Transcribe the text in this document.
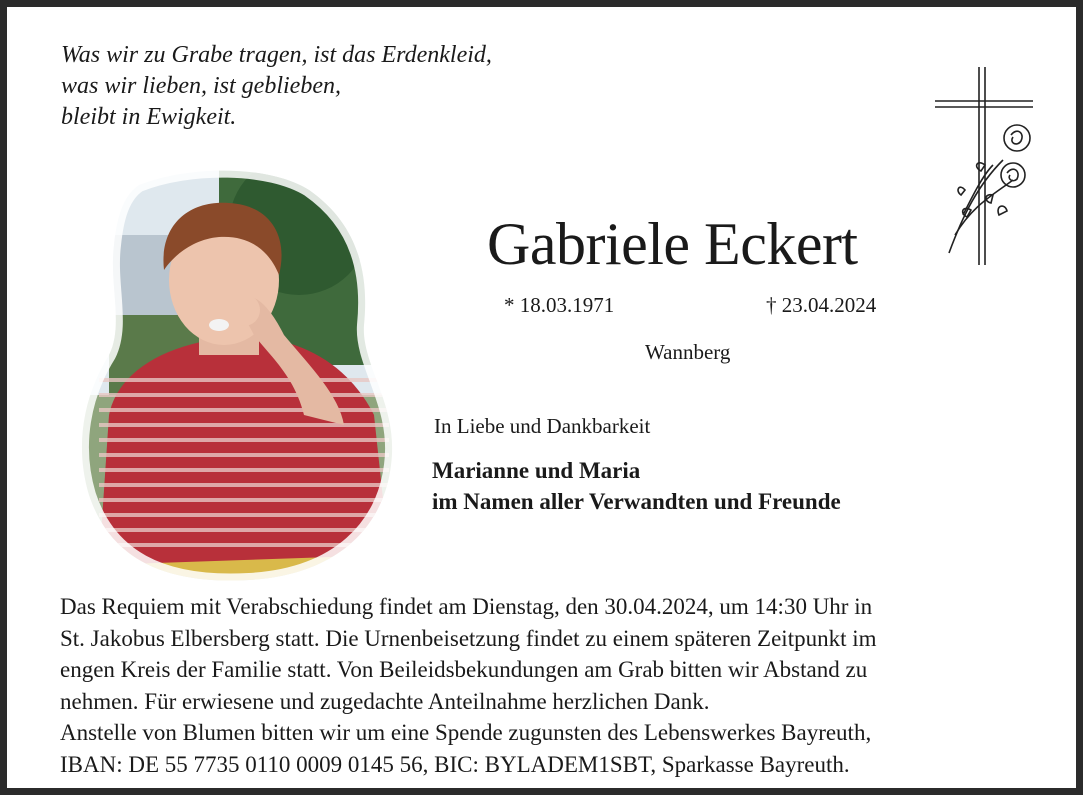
Was wir zu Grabe tragen, ist das Erdenkleid,
was wir lieben, ist geblieben,
bleibt in Ewigkeit.
Gabriele Eckert
* 18.03.1971	† 23.04.2024
Wannberg
In Liebe und Dankbarkeit
Marianne und Maria
im Namen aller Verwandten und Freunde
Das Requiem mit Verabschiedung findet am Dienstag, den 30.04.2024, um 14:30 Uhr in
St. Jakobus Elbersberg statt. Die Urnenbeisetzung findet zu einem späteren Zeitpunkt im
engen Kreis der Familie statt. Von Beileidsbekundungen am Grab bitten wir Abstand zu
nehmen. Für erwiesene und zugedachte Anteilnahme herzlichen Dank.
Anstelle von Blumen bitten wir um eine Spende zugunsten des Lebenswerkes Bayreuth,
IBAN: DE 55 7735 0110 0009 0145 56, BIC: BYLADEM1SBT, Sparkasse Bayreuth.
